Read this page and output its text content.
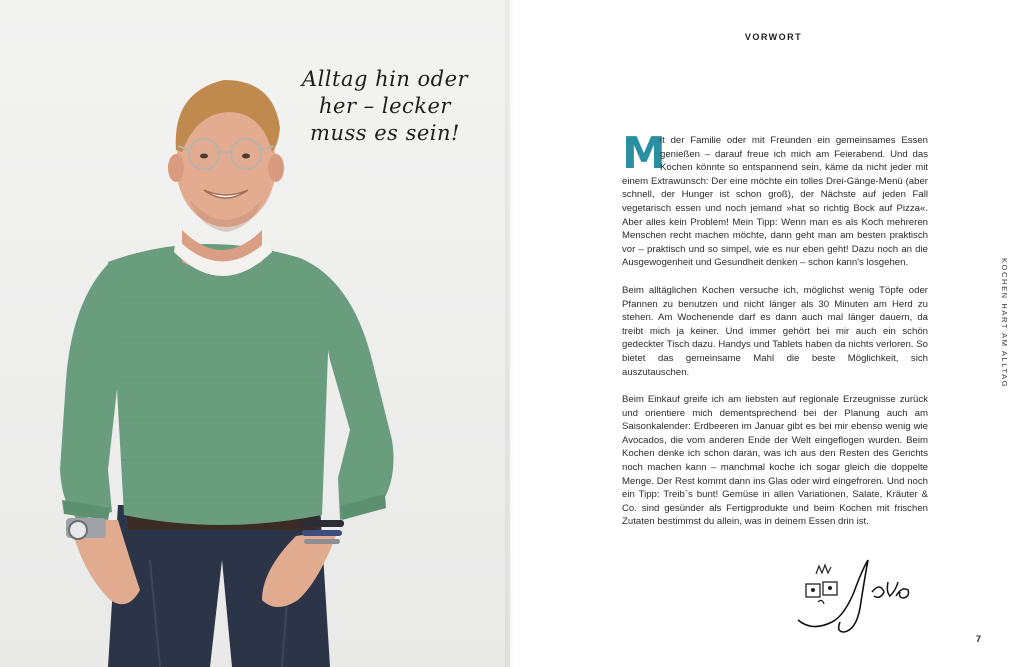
Alltag hin oder
her – lecker
muss es sein!
VORWORT
KOCHEN HART AM ALLTAG

M
it der Familie oder mit Freunden ein gemeinsames Essen genießen – darauf freue ich mich am Feierabend. Und das Kochen könnte so entspannend sein, käme da nicht jeder mit einem Extrawunsch: Der eine möchte ein tolles Drei-Gänge-Menü (aber schnell, der Hunger ist schon groß), der Nächste auf jeden Fall vegetarisch essen und noch jemand »hat so richtig Bock auf Pizza«. Aber alles kein Problem! Mein Tipp: Wenn man es als Koch mehreren Menschen recht machen möchte, dann geht man am besten praktisch vor – praktisch und so simpel, wie es nur eben geht! Dazu noch an die Ausgewogenheit und Gesundheit denken – schon kann's losgehen.

Beim alltäglichen Kochen versuche ich, möglichst wenig Töpfe oder Pfannen zu benutzen und nicht länger als 30 Minuten am Herd zu stehen. Am Wochenende darf es dann auch mal länger dauern, da treibt mich ja keiner. Und immer gehört bei mir auch ein schön gedeckter Tisch dazu. Handys und Tablets haben da nichts verloren. So bietet das gemeinsame Mahl die beste Möglichkeit, sich auszutauschen.

Beim Einkauf greife ich am liebsten auf regionale Erzeugnisse zurück und orientiere mich dementsprechend bei der Planung auch am Saisonkalender: Erdbeeren im Januar gibt es bei mir ebenso wenig wie Avocados, die vom anderen Ende der Welt eingeflogen wurden. Beim Kochen denke ich schon daran, was ich aus den Resten des Gerichts noch machen kann – manchmal koche ich sogar gleich die doppelte Menge. Der Rest kommt dann ins Glas oder wird eingefroren. Und noch ein Tipp: Treib`s bunt! Gemüse in allen Variationen, Salate, Kräuter & Co. sind gesünder als Fertigprodukte und beim Kochen mit frischen Zutaten bestimmst du allein, was in deinem Essen drin ist.

7
